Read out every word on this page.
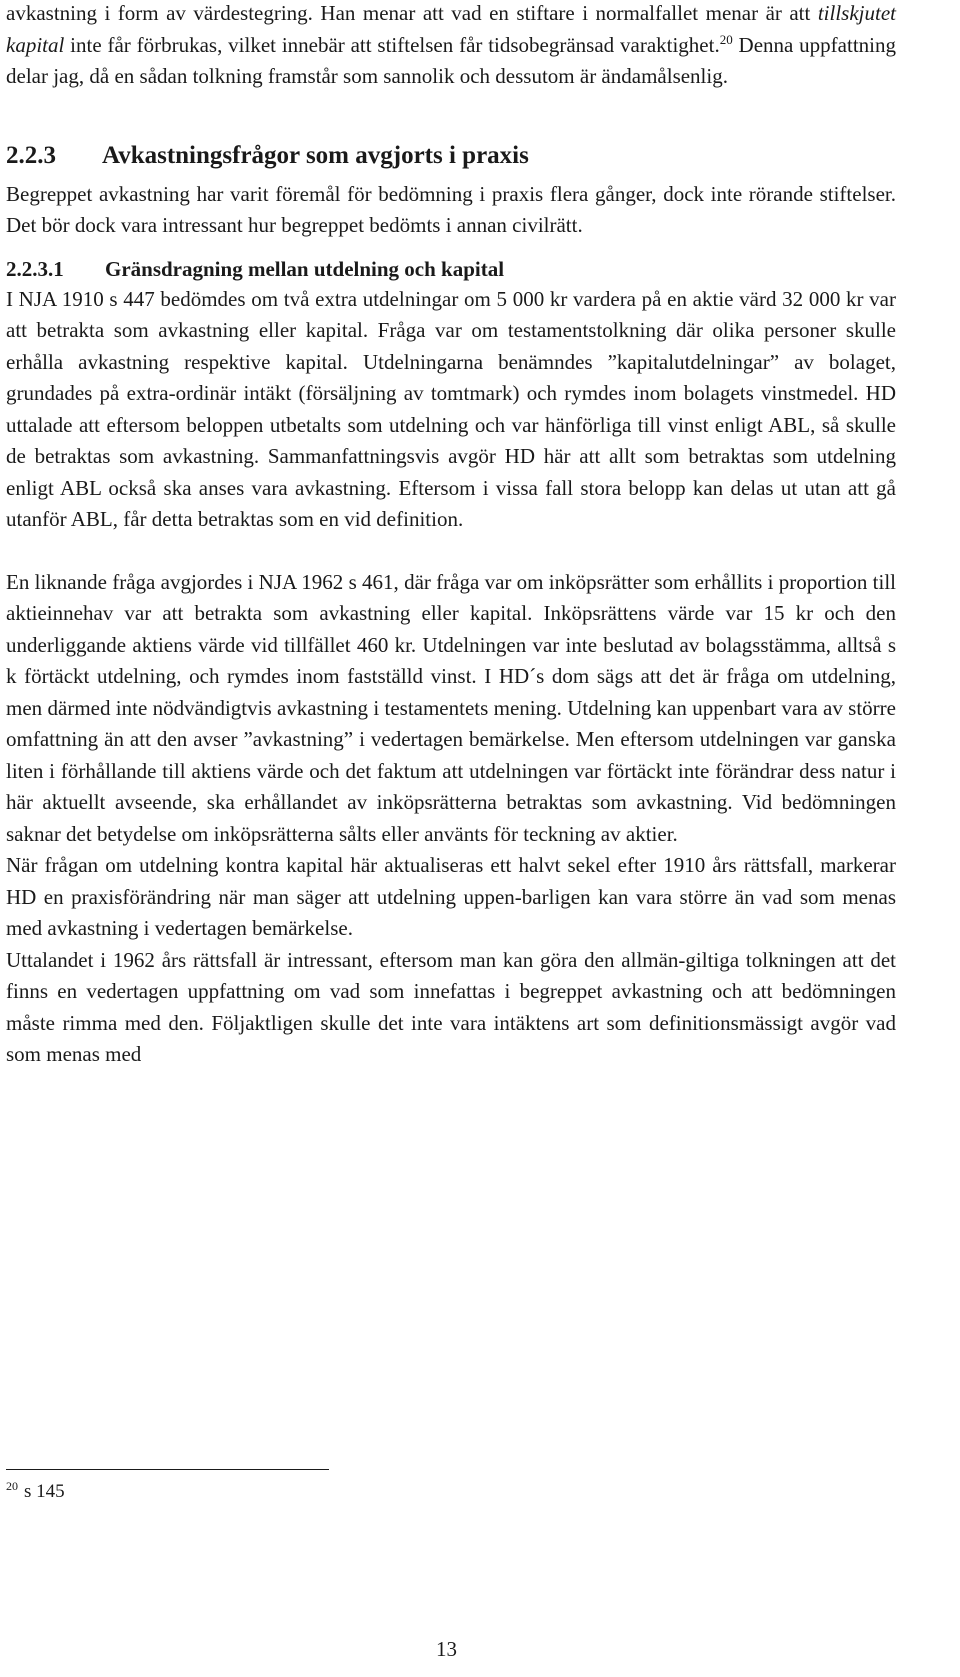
avkastning i form av värdestegring. Han menar att vad en stiftare i normalfallet menar är att tillskjutet kapital inte får förbrukas, vilket innebär att stiftelsen får tidsobegränsad varaktighet.$^{20}$ Denna uppfattning delar jag, då en sådan tolkning framstår som sannolik och dessutom är ändamålsenlig.

2.2.3 Avkastningsfrågor som avgjorts i praxis

Begreppet avkastning har varit föremål för bedömning i praxis flera gånger, dock inte rörande stiftelser. Det bör dock vara intressant hur begreppet bedömts i annan civilrätt.

2.2.3.1 Gränsdragning mellan utdelning och kapital

I NJA 1910 s 447 bedömdes om två extra utdelningar om 5 000 kr vardera på en aktie värd 32 000 kr var att betrakta som avkastning eller kapital. Fråga var om testamentstolkning där olika personer skulle erhålla avkastning respektive kapital. Utdelningarna benämndes ”kapitalutdelningar” av bolaget, grundades på extra-ordinär intäkt (försäljning av tomtmark) och rymdes inom bolagets vinstmedel. HD uttalade att eftersom beloppen utbetalts som utdelning och var hänförliga till vinst enligt ABL, så skulle de betraktas som avkastning. Sammanfattningsvis avgör HD här att allt som betraktas som utdelning enligt ABL också ska anses vara avkastning. Eftersom i vissa fall stora belopp kan delas ut utan att gå utanför ABL, får detta betraktas som en vid definition.

En liknande fråga avgjordes i NJA 1962 s 461, där fråga var om inköpsrätter som erhållits i proportion till aktieinnehav var att betrakta som avkastning eller kapital. Inköpsrättens värde var 15 kr och den underliggande aktiens värde vid tillfället 460 kr. Utdelningen var inte beslutad av bolagsstämma, alltså s k förtäckt utdelning, och rymdes inom fastställd vinst. I HD´s dom sägs att det är fråga om utdelning, men därmed inte nödvändigtvis avkastning i testamentets mening. Utdelning kan uppenbart vara av större omfattning än att den avser ”avkastning” i vedertagen bemärkelse. Men eftersom utdelningen var ganska liten i förhållande till aktiens värde och det faktum att utdelningen var förtäckt inte förändrar dess natur i här aktuellt avseende, ska erhållandet av inköpsrätterna betraktas som avkastning. Vid bedömningen saknar det betydelse om inköpsrätterna sålts eller använts för teckning av aktier.

När frågan om utdelning kontra kapital här aktualiseras ett halvt sekel efter 1910 års rättsfall, markerar HD en praxisförändring när man säger att utdelning uppen-barligen kan vara större än vad som menas med avkastning i vedertagen bemärkelse.

Uttalandet i 1962 års rättsfall är intressant, eftersom man kan göra den allmän-giltiga tolkningen att det finns en vedertagen uppfattning om vad som innefattas i begreppet avkastning och att bedömningen måste rimma med den. Följaktligen skulle det inte vara intäktens art som definitionsmässigt avgör vad som menas med

$^{20}$ s 145
13
